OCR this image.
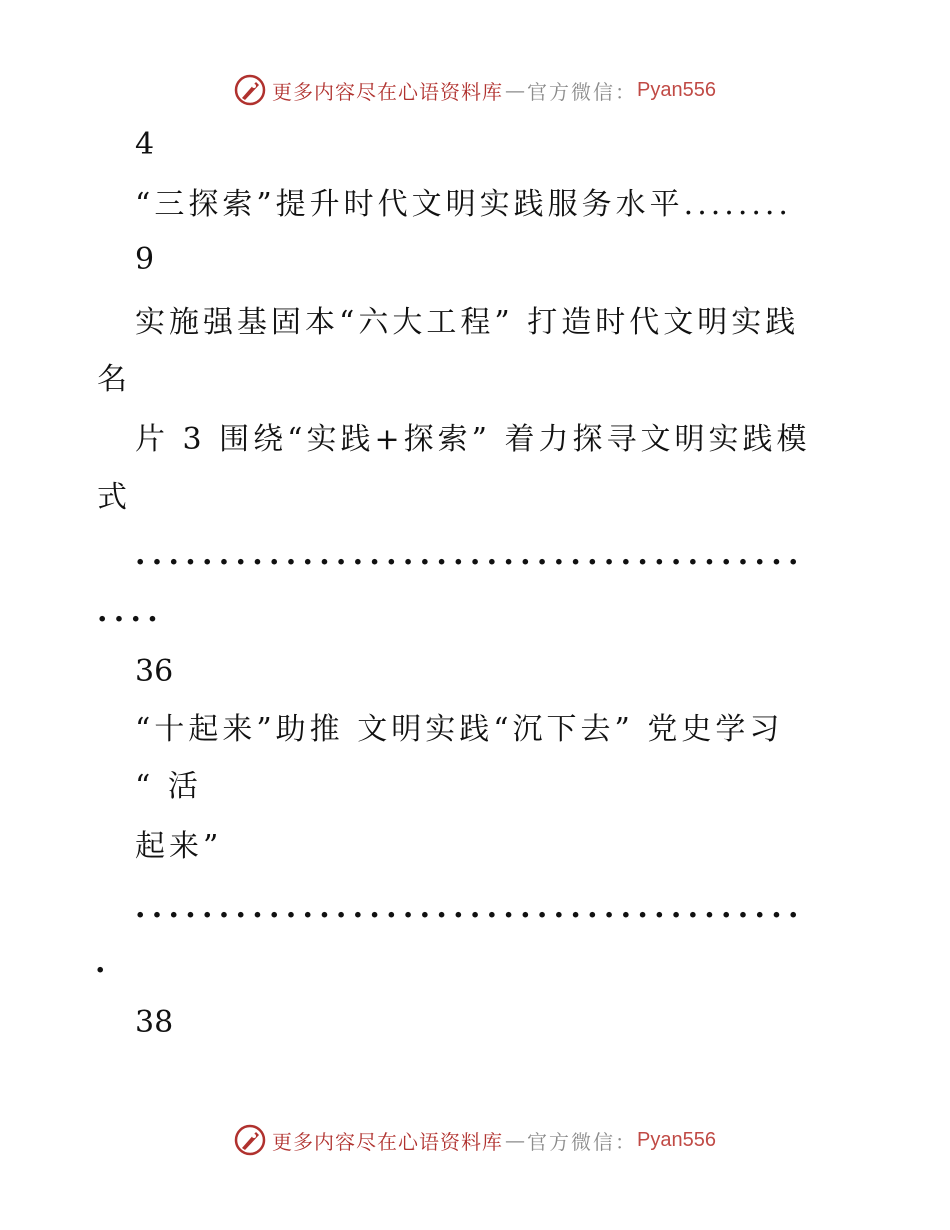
更多内容尽在心语资料库 — 官方微信： Pyan556
4
“三探索”提升时代文明实践服务水平........
9
实施强基固本“六大工程” 打造时代文明实践
名
片 3 围绕“实践+探索” 着力探寻文明实践模
式
........................................
....
36
“十起来”助推 文明实践“沉下去” 党史学习
“ 活
起来”
........................................
.
38
更多内容尽在心语资料库 — 官方微信： Pyan556
